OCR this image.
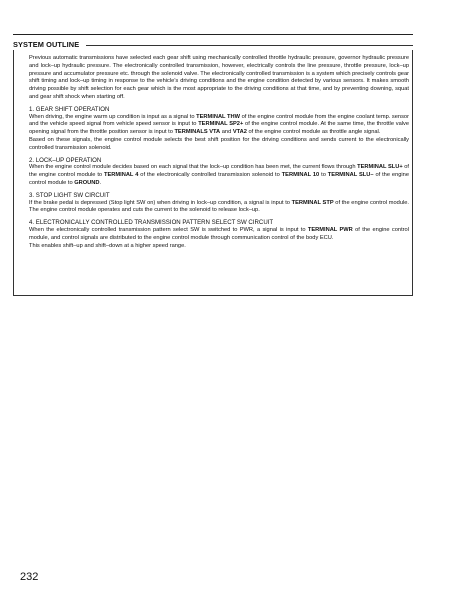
SYSTEM OUTLINE

Previous automatic transmissions have selected each gear shift using mechanically controlled throttle hydraulic pressure, governor hydraulic pressure and lock–up hydraulic pressure. The electronically controlled transmission, however, electrically controls the line pressure, throttle pressure, lock–up pressure and accumulator pressure etc. through the solenoid valve. The electronically controlled transmission is a system which precisely controls gear shift timing and lock–up timing in response to the vehicle’s driving conditions and the engine condition detected by various sensors. It makes smooth driving possible by shift selection for each gear which is the most appropriate to the driving conditions at that time, and by preventing downing, squat and gear shift shock when starting off.

1. GEAR SHIFT OPERATION

When driving, the engine warm up condition is input as a signal to TERMINAL THW of the engine control module from the engine coolant temp. sensor and the vehicle speed signal from vehicle speed sensor is input to TERMINAL SP2+ of the engine control module. At the same time, the throttle valve opening signal from the throttle position sensor is input to TERMINALS VTA and VTA2 of the engine control module as throttle angle signal.

Based on these signals, the engine control module selects the best shift position for the driving conditions and sends current to the electronically controlled transmission solenoid.

2. LOCK–UP OPERATION

When the engine control module decides based on each signal that the lock–up condition has been met, the current flows through TERMINAL SLU+ of the engine control module to TERMINAL 4 of the electronically controlled transmission solenoid to TERMINAL 10 to TERMINAL SLU– of the engine control module to GROUND.

3. STOP LIGHT SW CIRCUIT

If the brake pedal is depressed (Stop light SW on) when driving in lock–up condition, a signal is input to TERMINAL STP of the engine control module. The engine control module operates and cuts the current to the solenoid to release lock–up.

4. ELECTRONICALLY CONTROLLED TRANSMISSION PATTERN SELECT SW CIRCUIT

When the electronically controlled transmission pattern select SW is switched to PWR, a signal is input to TERMINAL PWR of the engine control module, and control signals are distributed to the engine control module through communication control of the body ECU.

This enables shift–up and shift–down at a higher speed range.

232
